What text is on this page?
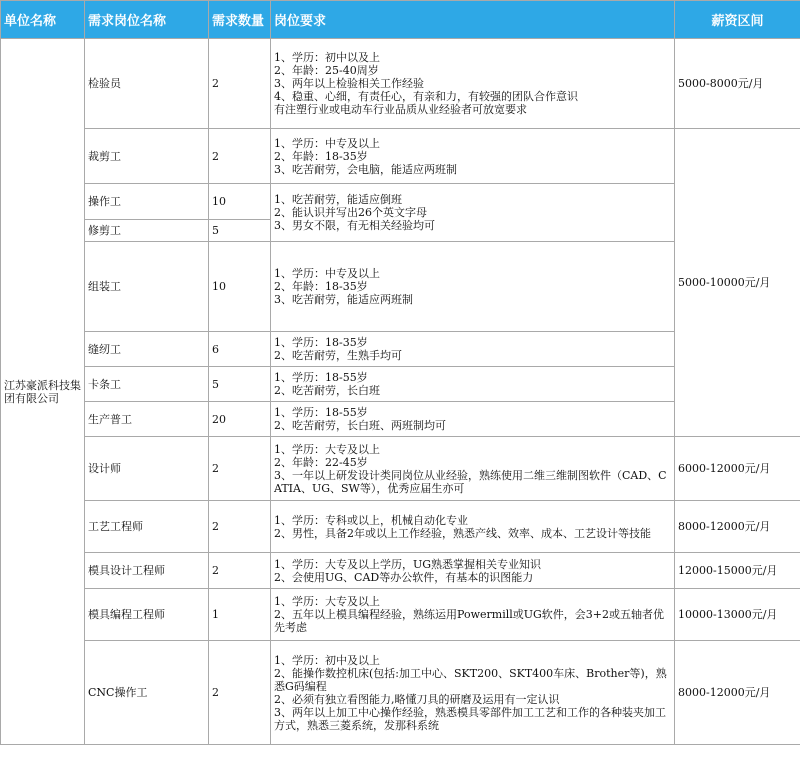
单位名称	需求岗位名称	需求数量	岗位要求	薪资区间
江苏豪派科技集团有限公司	检验员	2	1、学历：初中以及上
2、年龄：25-40周岁
3、两年以上检验相关工作经验
4、稳重、心细，有责任心，有亲和力，有较强的团队合作意识
有注塑行业或电动车行业品质从业经验者可放宽要求	5000-8000元/月
	裁剪工	2	1、学历：中专及以上
2、年龄：18-35岁
3、吃苦耐劳，会电脑，能适应两班制	5000-10000元/月
	操作工	10	1、吃苦耐劳，能适应倒班
2、能认识并写出26个英文字母
3、男女不限，有无相关经验均可	

	修剪工	5		
	组装工	10	1、学历：中专及以上
2、年龄：18-35岁
3、吃苦耐劳，能适应两班制	

	缝纫工	6	1、学历：18-35岁
2、吃苦耐劳，生熟手均可	

	卡条工	5	1、学历：18-55岁
2、吃苦耐劳，长白班	

	生产普工	20	1、学历：18-55岁
2、吃苦耐劳，长白班、两班制均可	

	设计师	2	1、学历：大专及以上
2、年龄：22-45岁
3、一年以上研发设计类同岗位从业经验，熟练使用二维三维制图软件（CAD、CATIA、UG、SW等），优秀应届生亦可	6000-12000元/月
	工艺工程师	2	1、学历：专科或以上，机械自动化专业
2、男性，具备2年或以上工作经验，熟悉产线、效率、成本、工艺设计等技能	8000-12000元/月
	模具设计工程师	2	1、学历：大专及以上学历，UG熟悉掌握相关专业知识
2、会使用UG、CAD等办公软件，有基本的识图能力	12000-15000元/月
	模具编程工程师	1	1、学历：大专及以上
2、五年以上模具编程经验，熟练运用Powermill或UG软件，会3+2或五轴者优先考虑	10000-13000元/月
	CNC操作工	2	1、学历：初中及以上
2、能操作数控机床(包括:加工中心、SKT200、SKT400车床、Brother等)，熟悉G码编程
2、必须有独立看图能力,略懂刀具的研磨及运用有一定认识
3、两年以上加工中心操作经验，熟悉模具零部件加工工艺和工作的各种装夹加工方式，熟悉三菱系统，发那科系统	8000-12000元/月
